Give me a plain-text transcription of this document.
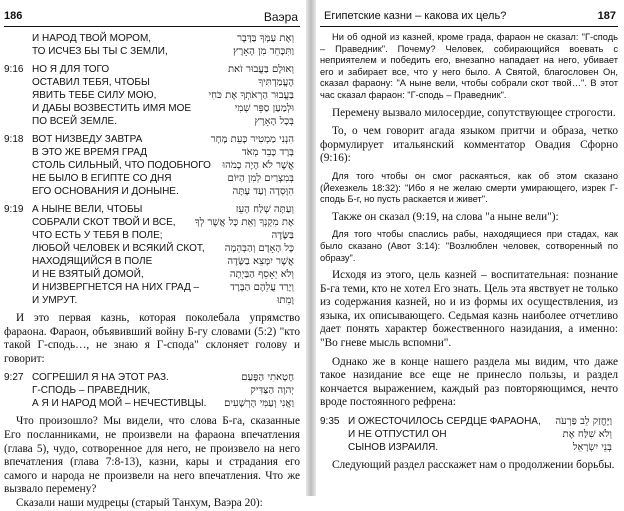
186	Ваэра
И НАРОД ТВОЙ МОРОМ,	וְאֶת עַמְּךָ בַּדָּבֶר
ТО ИСЧЕЗ БЫ ТЫ С ЗЕМЛИ,	וַתִּכָּחֵד מִן הָאָרֶץ
9:16 НО Я ДЛЯ ТОГО	וְאוּלָם בַּעֲבוּר זֹאת
ОСТАВИЛ ТЕБЯ, ЧТОБЫ	הֶעֱמַדְתִּיךָ
ЯВИТЬ ТЕБЕ СИЛУ МОЮ,	בַּעֲבוּר הַרְאֹתְךָ אֶת כֹּחִי
И ДАБЫ ВОЗВЕСТИТЬ ИМЯ МОЕ	וּלְמַעַן סַפֵּר שְׁמִי
ПО ВСЕЙ ЗЕМЛЕ.	בְּכָל הָאָרֶץ
9:18 ВОТ НИЗВЕДУ ЗАВТРА	הִנְנִי מַמְטִיר כָּעֵת מָחָר
В ЭТО ЖЕ ВРЕМЯ ГРАД	בָּרָד כָּבֵד מְאֹד
СТОЛЬ СИЛЬНЫЙ, ЧТО ПОДОБНОГО אֲשֶׁר לֹא הָיָה כָמֹהוּ
НЕ БЫЛО В ЕГИПТЕ СО ДНЯ	בְּמִצְרַיִם לְמִן הַיּוֹם
ЕГО ОСНОВАНИЯ И ДОНЫНЕ.	הִוָּסְדָה וְעַד עָתָּה
9:19 А НЫНЕ ВЕЛИ, ЧТОБЫ	וְעַתָּה שְׁלַח הָעֵז
СОБРАЛИ СКОТ ТВОЙ И ВСЕ, אֶת מִקְנְךָ וְאֵת כָּל אֲשֶׁר לְךָ
ЧТО ЕСТЬ У ТЕБЯ В ПОЛЕ;	בַּשָּׂדֶה
ЛЮБОЙ ЧЕЛОВЕК И ВСЯКИЙ СКОТ, כָּל הָאָדָם וְהַבְּהֵמָה
НАХОДЯЩИЙСЯ В ПОЛЕ	אֲשֶׁר יִמָּצֵא בַשָּׂדֶה
И НЕ ВЗЯТЫЙ ДОМОЙ,	וְלֹא יֵאָסֵף הַבַּיְתָה
И НИЗВЕРГНЕТСЯ НА НИХ ГРАД –	וְיָרַד עֲלֵהֶם הַבָּרָד
И УМРУТ.	וָמֵתוּ

И это первая казнь, которая поколебала упрямство фараона. Фараон, объявивший войну Б-гу словами (5:2) "кто такой Г-сподь…, не знаю я Г-спода" склоняет голову и говорит:

9:27 СОГРЕШИЛ Я НА ЭТОТ РАЗ.	חָטָאתִי הַפָּעַם
Г-СПОДЬ – ПРАВЕДНИК,	יְהוָה הַצַּדִּיק
А Я И НАРОД МОЙ – НЕЧЕСТИВЦЫ. וַאֲנִי וְעַמִּי הָרְשָׁעִים

Что произошло? Мы видели, что слова Б-га, сказанные Его посланниками, не произвели на фараона впечатления (глава 5), чудо, сотворенное для него, не произвело на него впечатления (глава 7:8-13), казни, кары и страдания его самого и народа не произвели на него впечатления. Что же вызвало перемену?

Сказали наши мудрецы (старый Танхум, Ваэра 20):

Египетские казни – какова их цель?	187

Ни об одной из казней, кроме града, фараон не сказал: "Г-сподь – Праведник". Почему? Человек, собирающийся воевать с неприятелем и победить его, внезапно нападает на него, убивает его и забирает все, что у него было. А Святой, благословен Он, сказал фараону: "А ныне вели, чтобы собрали скот твой…". В этот час сказал фараон: "Г-сподь – Праведник".

Перемену вызвало милосердие, сопутствующее строгости.

То, о чем говорит агада языком притчи и образа, четко формулирует итальянский комментатор Овадия Сфорно (9:16):

Для того чтобы он смог раскаяться, как об этом сказано (Йехезкель 18:32): "Ибо я не желаю смерти умирающего, изрек Г-сподь Б-г, но пусть раскается и живет".

Также он сказал (9:19, на слова "а ныне вели"):

Для того чтобы спаслись рабы, находящиеся при стадах, как было сказано (Авот 3:14): "Возлюблен человек, сотворенный по образу".

Исходя из этого, цель казней – воспитательная: познание Б-га теми, кто не хотел Его знать. Цель эта явствует не только из содержания казней, но и из формы их осуществления, из языка, их описывающего. Седьмая казнь наиболее отчетливо дает понять характер божественного назидания, а именно: "Во гневе мысль вспомни".

Однако же в конце нашего раздела мы видим, что даже такое назидание все еще не принесло пользы, и раздел кончается выражением, каждый раз повторяющимся, нечто вроде постоянного рефрена:

9:35 И ОЖЕСТОЧИЛОСЬ СЕРДЦЕ ФАРАОНА, וַיֶּחֱזַק לֵב פַּרְעֹה
И НЕ ОТПУСТИЛ ОН	וְלֹא שִׁלַּח אֶת
СЫНОВ ИЗРАИЛЯ.	בְּנֵי יִשְׂרָאֵל

Следующий раздел расскажет нам о продолжении борьбы.
